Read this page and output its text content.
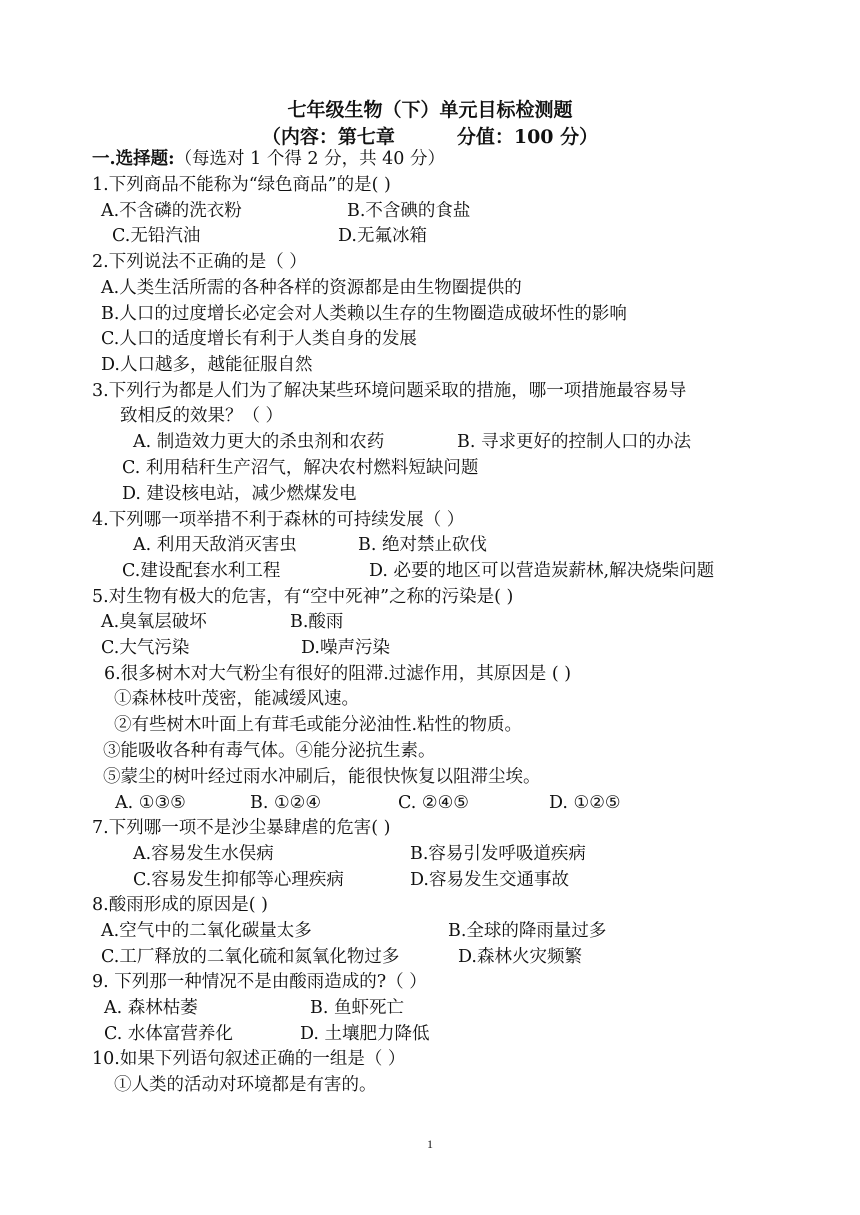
七年级生物（下）单元目标检测题
（内容：第七章	分值：100 分）
一.选择题:（每选对 1 个得 2 分，共 40 分）
1.下列商品不能称为“绿色商品”的是( )
A.不含磷的洗衣粉	B.不含碘的食盐
C.无铅汽油	D.无氟冰箱
2.下列说法不正确的是（ ）
A.人类生活所需的各种各样的资源都是由生物圈提供的
B.人口的过度增长必定会对人类赖以生存的生物圈造成破坏性的影响
C.人口的适度增长有利于人类自身的发展
D.人口越多，越能征服自然
3.下列行为都是人们为了解决某些环境问题采取的措施，哪一项措施最容易导
致相反的效果？（ ）
A. 制造效力更大的杀虫剂和农药	B. 寻求更好的控制人口的办法
C. 利用秸秆生产沼气，解决农村燃料短缺问题
D. 建设核电站，减少燃煤发电
4.下列哪一项举措不利于森林的可持续发展（ ）
A. 利用天敌消灭害虫	B. 绝对禁止砍伐
C.建设配套水利工程	D. 必要的地区可以营造炭薪林,解决烧柴问题
5.对生物有极大的危害，有“空中死神”之称的污染是( )
A.臭氧层破坏	B.酸雨
C.大气污染	D.噪声污染
6.很多树木对大气粉尘有很好的阻滞.过滤作用，其原因是 ( )
①森林枝叶茂密，能减缓风速。
②有些树木叶面上有茸毛或能分泌油性.粘性的物质。
③能吸收各种有毒气体。④能分泌抗生素。
⑤蒙尘的树叶经过雨水冲刷后，能很快恢复以阻滞尘埃。
A. ①③⑤	B. ①②④	C. ②④⑤	D. ①②⑤
7.下列哪一项不是沙尘暴肆虐的危害( )
A.容易发生水俣病	B.容易引发呼吸道疾病
C.容易发生抑郁等心理疾病	D.容易发生交通事故
8.酸雨形成的原因是( )
A.空气中的二氧化碳量太多	B.全球的降雨量过多
C.工厂释放的二氧化硫和氮氧化物过多	D.森林火灾频繁
9. 下列那一种情况不是由酸雨造成的?（ ）
A. 森林枯萎	B. 鱼虾死亡
C. 水体富营养化	D. 土壤肥力降低
10.如果下列语句叙述正确的一组是（ ）
①人类的活动对环境都是有害的。
1
